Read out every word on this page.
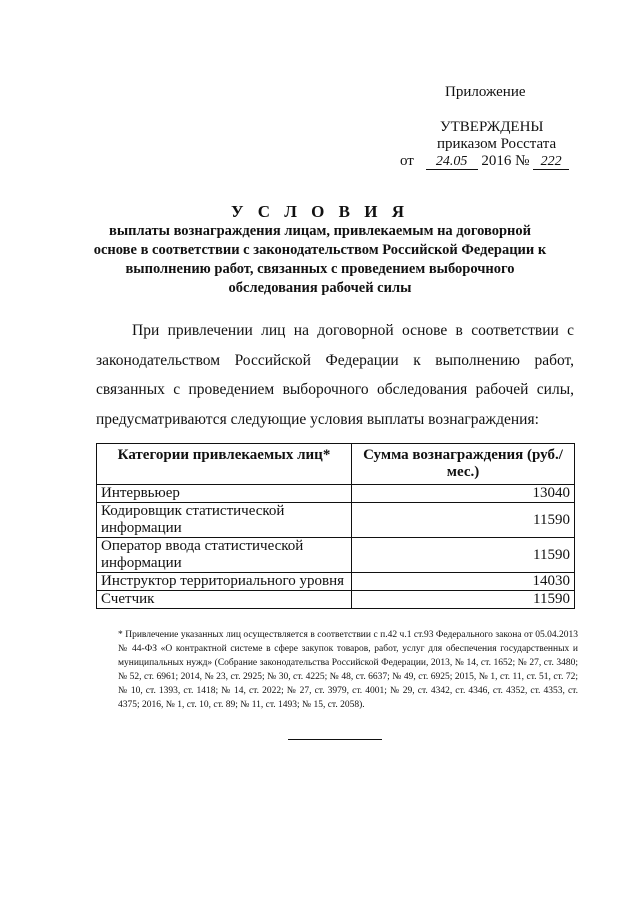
Приложение
УТВЕРЖДЕНЫ
приказом Росстата
от 24.05 2016 № 222
У С Л О В И Я
выплаты вознаграждения лицам, привлекаемым на договорной
основе в соответствии с законодательством Российской Федерации к
выполнению работ, связанных с проведением выборочного
обследования рабочей силы

При привлечении лиц на договорной основе в соответствии с законодательством Российской Федерации к выполнению работ, связанных с проведением выборочного обследования рабочей силы, предусматриваются следующие условия выплаты вознаграждения:

Категории привлекаемых лиц*	Сумма вознаграждения (руб./мес.)
Интервьюер	13040
Кодировщик статистической информации	11590
Оператор ввода статистической информации	11590
Инструктор территориального уровня	14030
Счетчик	11590
* Привлечение указанных лиц осуществляется в соответствии с п.42 ч.1 ст.93 Федерального закона от 05.04.2013 № 44-ФЗ «О контрактной системе в сфере закупок товаров, работ, услуг для обеспечения государственных и муниципальных нужд» (Собрание законодательства Российской Федерации, 2013, № 14, ст. 1652; № 27, ст. 3480; № 52, ст. 6961; 2014, № 23, ст. 2925; № 30, ст. 4225; № 48, ст. 6637; № 49, ст. 6925; 2015, № 1, ст. 11, ст. 51, ст. 72; № 10, ст. 1393, ст. 1418; № 14, ст. 2022; № 27, ст. 3979, ст. 4001; № 29, ст. 4342, ст. 4346, ст. 4352, ст. 4353, ст. 4375; 2016, № 1, ст. 10, ст. 89; № 11, ст. 1493; № 15, ст. 2058).
